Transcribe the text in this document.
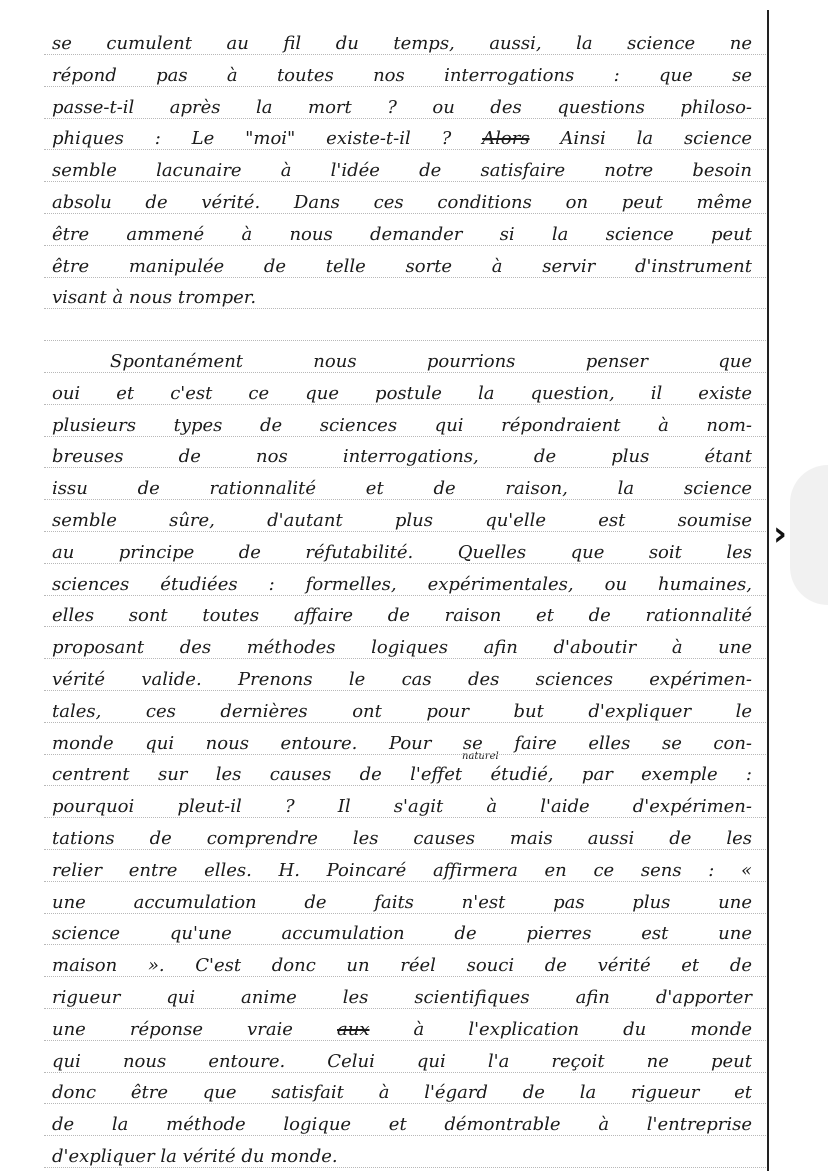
naturel
se cumulent au fil du temps, aussi, la science ne
répond pas à toutes nos interrogations : que se
passe-t-il après la mort ? ou des questions philoso-
phiques : Le "moi" existe-t-il ? Alors Ainsi la science
semble lacunaire à l'idée de satisfaire notre besoin
absolu de vérité. Dans ces conditions on peut même
être ammené à nous demander si la science peut
être manipulée de telle sorte à servir d'instrument
visant à nous tromper.
Spontanément nous pourrions penser que
oui et c'est ce que postule la question, il existe
plusieurs types de sciences qui répondraient à nom-
breuses de nos interrogations, de plus étant
issu de rationnalité et de raison, la science
semble sûre, d'autant plus qu'elle est soumise
au principe de réfutabilité. Quelles que soit les
sciences étudiées : formelles, expérimentales, ou humaines,
elles sont toutes affaire de raison et de rationnalité
proposant des méthodes logiques afin d'aboutir à une
vérité valide. Prenons le cas des sciences expérimen-
tales, ces dernières ont pour but d'expliquer le
monde qui nous entoure. Pour se faire elles se con-
centrent sur les causes de l'effet étudié, par exemple :
pourquoi pleut-il ? Il s'agit à l'aide d'expérimen-
tations de comprendre les causes mais aussi de les
relier entre elles. H. Poincaré affirmera en ce sens : «
une accumulation de faits n'est pas plus une
science qu'une accumulation de pierres est une
maison ». C'est donc un réel souci de vérité et de
rigueur qui anime les scientifiques afin d'apporter
une réponse vraie aux à l'explication du monde
qui nous entoure. Celui qui l'a reçoit ne peut
donc être que satisfait à l'égard de la rigueur et
de la méthode logique et démontrable à l'entreprise
d'expliquer la vérité du monde.
›
